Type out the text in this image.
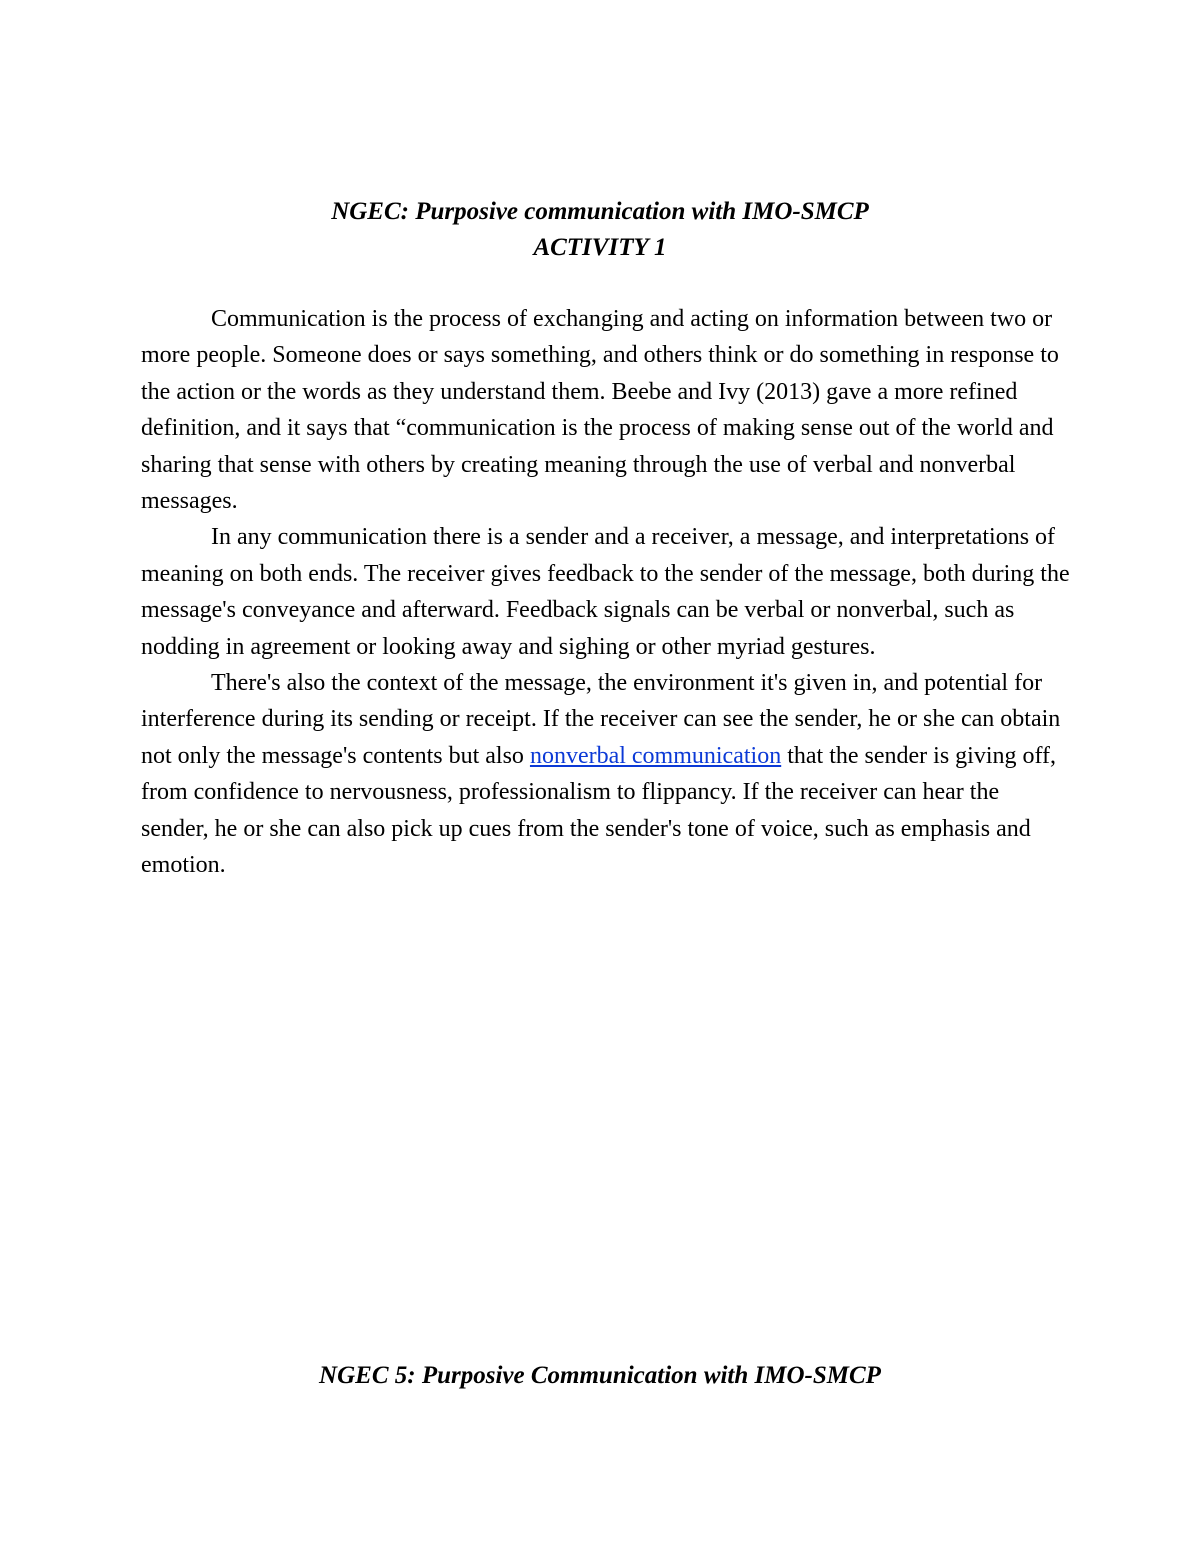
NGEC: Purposive communication with IMO-SMCP
ACTIVITY 1

Communication is the process of exchanging and acting on information between two or more people. Someone does or says something, and others think or do something in response to the action or the words as they understand them. Beebe and Ivy (2013) gave a more refined definition, and it says that “communication is the process of making sense out of the world and sharing that sense with others by creating meaning through the use of verbal and nonverbal messages.

In any communication there is a sender and a receiver, a message, and interpretations of meaning on both ends. The receiver gives feedback to the sender of the message, both during the message's conveyance and afterward. Feedback signals can be verbal or nonverbal, such as nodding in agreement or looking away and sighing or other myriad gestures.

There's also the context of the message, the environment it's given in, and potential for interference during its sending or receipt. If the receiver can see the sender, he or she can obtain not only the message's contents but also nonverbal communication that the sender is giving off, from confidence to nervousness, professionalism to flippancy. If the receiver can hear the sender, he or she can also pick up cues from the sender's tone of voice, such as emphasis and emotion.

NGEC 5: Purposive Communication with IMO-SMCP
